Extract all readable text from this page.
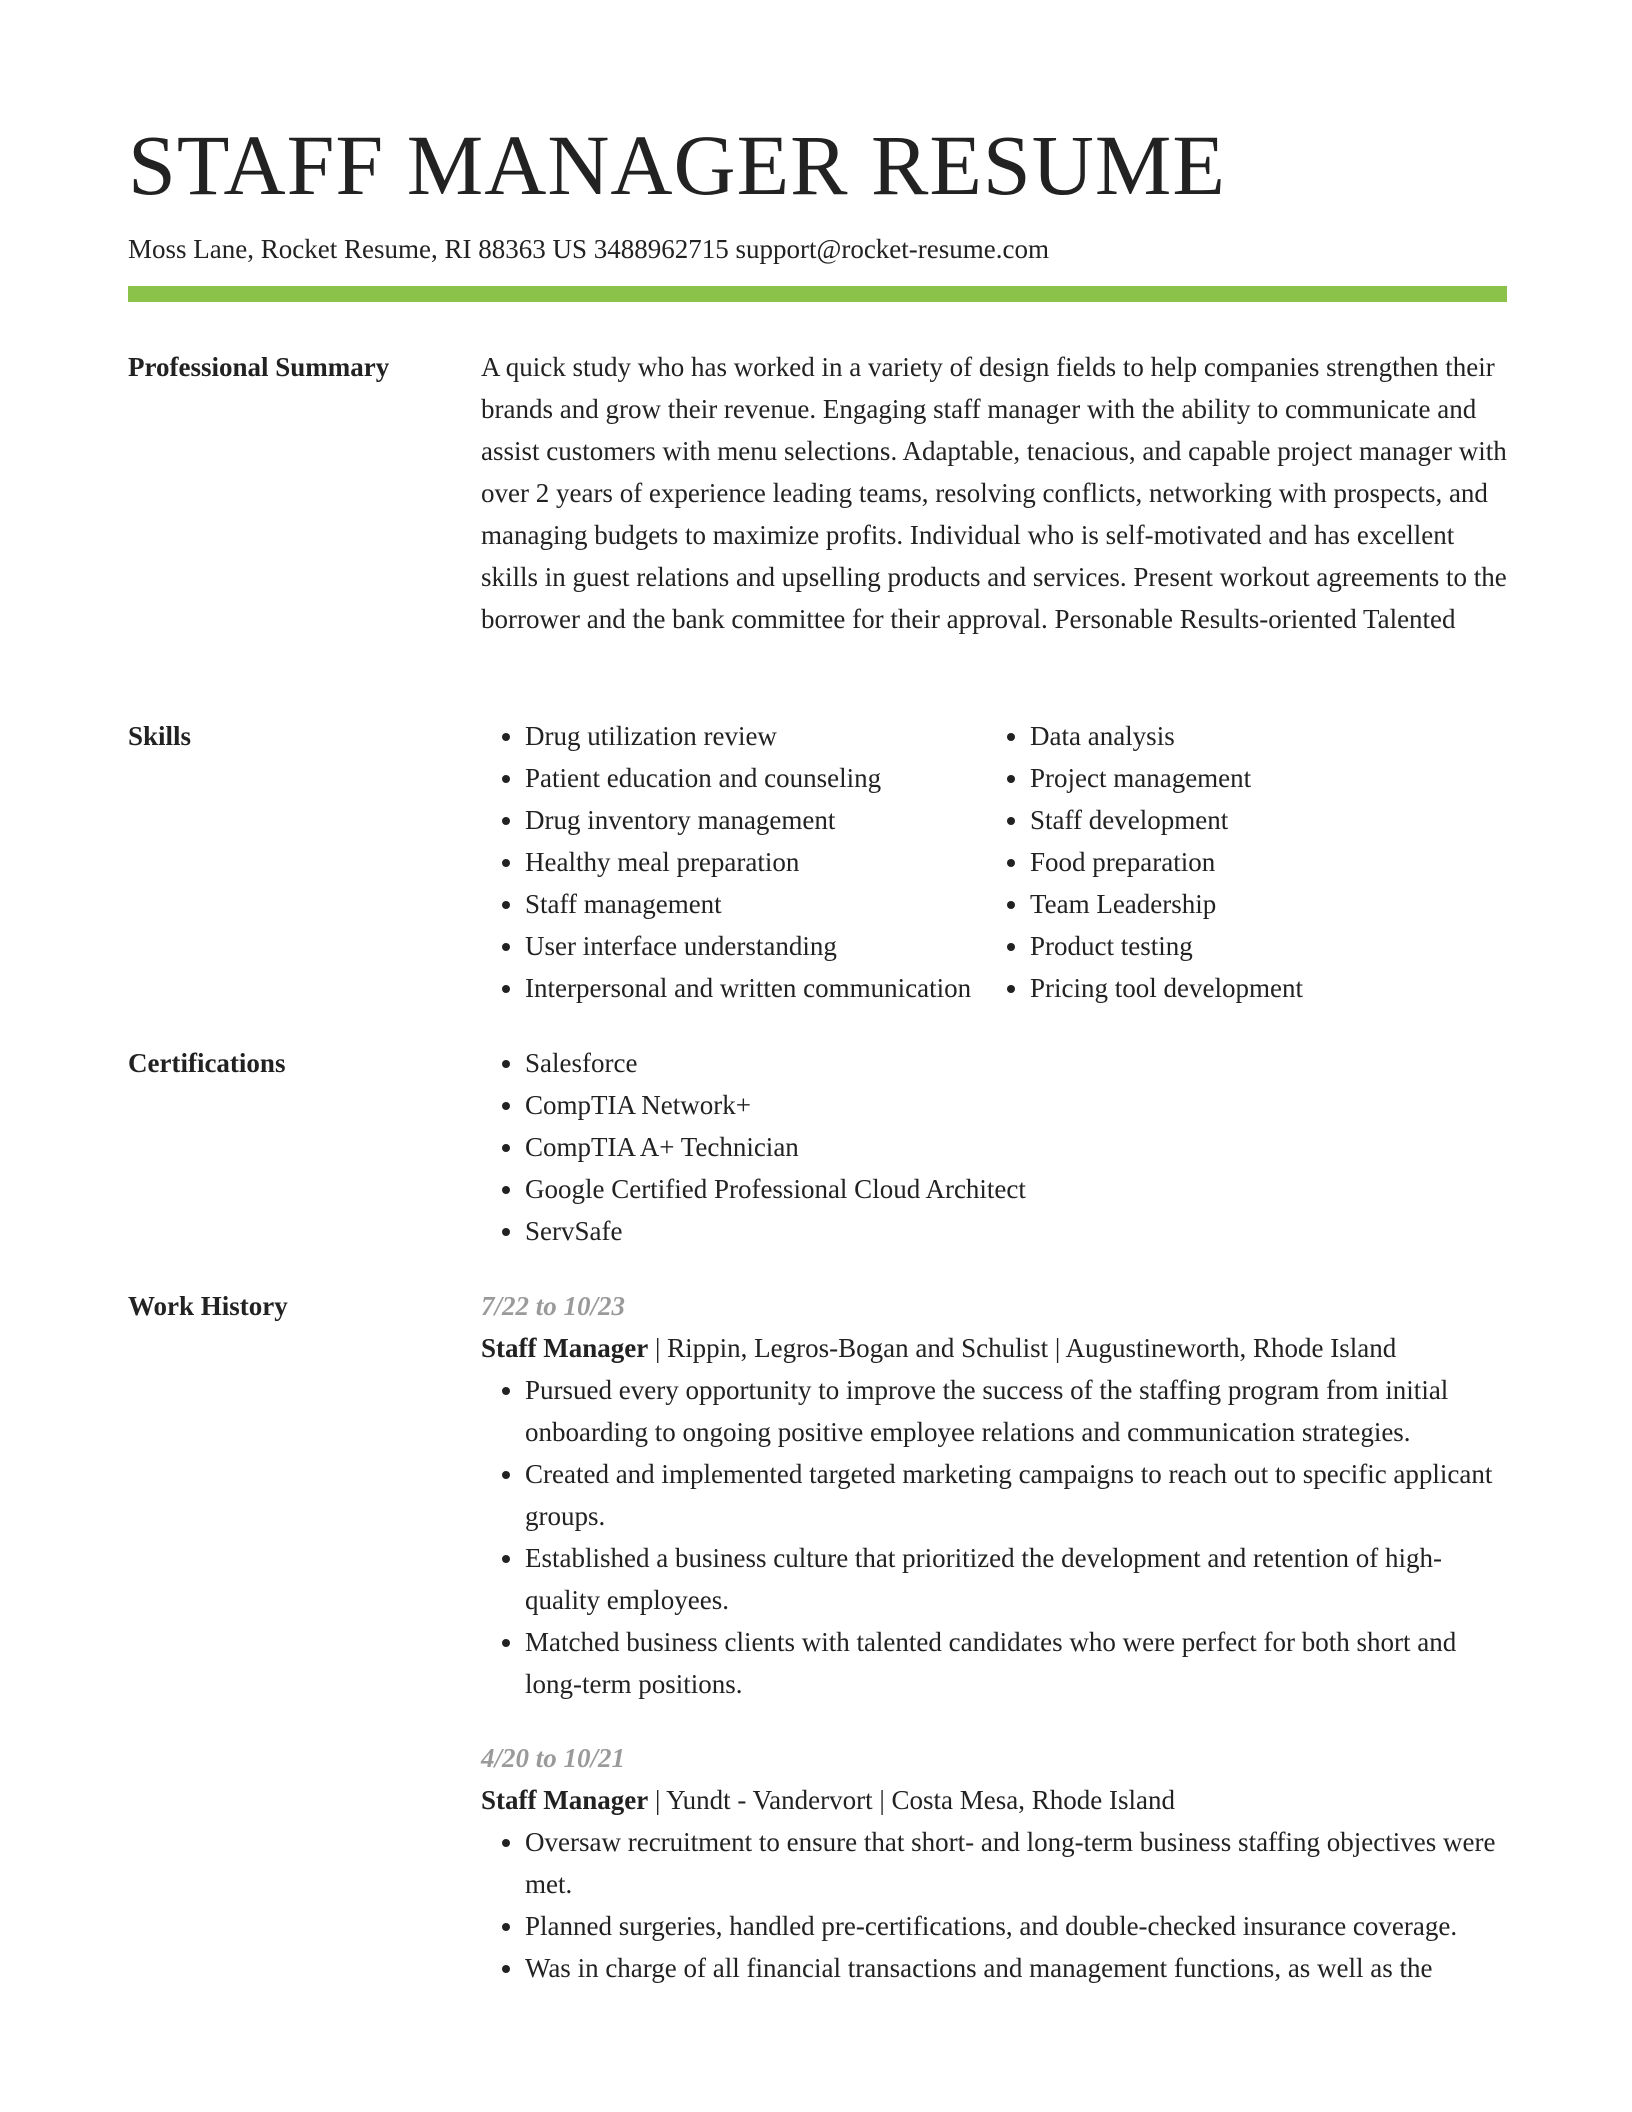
STAFF MANAGER RESUME
Moss Lane, Rocket Resume, RI 88363 US 3488962715 support@rocket-resume.com
Professional Summary	A quick study who has worked in a variety of design fields to help companies strengthen their brands and grow their revenue. Engaging staff manager with the ability to communicate and assist customers with menu selections. Adaptable, tenacious, and capable project manager with over 2 years of experience leading teams, resolving conflicts, networking with prospects, and managing budgets to maximize profits. Individual who is self-motivated and has excellent skills in guest relations and upselling products and services. Present workout agreements to the borrower and the bank committee for their approval. Personable Results-oriented Talented

Skills	• Drug utilization review
• Patient education and counseling
• Drug inventory management
• Healthy meal preparation
• Staff management
• User interface understanding
• Interpersonal and written communication
• Data analysis
• Project management
• Staff development
• Food preparation
• Team Leadership
• Product testing
• Pricing tool development
Certifications	• Salesforce
• CompTIA Network+
• CompTIA A+ Technician
• Google Certified Professional Cloud Architect
• ServSafe
Work History	7/22 to 10/23
Staff Manager | Rippin, Legros-Bogan and Schulist | Augustineworth, Rhode Island
• Pursued every opportunity to improve the success of the staffing program from initial onboarding to ongoing positive employee relations and communication strategies.
• Created and implemented targeted marketing campaigns to reach out to specific applicant groups.
• Established a business culture that prioritized the development and retention of high-quality employees.
• Matched business clients with talented candidates who were perfect for both short and long-term positions.
4/20 to 10/21
Staff Manager | Yundt - Vandervort | Costa Mesa, Rhode Island
• Oversaw recruitment to ensure that short- and long-term business staffing objectives were met.
• Planned surgeries, handled pre-certifications, and double-checked insurance coverage.
• Was in charge of all financial transactions and management functions, as well as the
